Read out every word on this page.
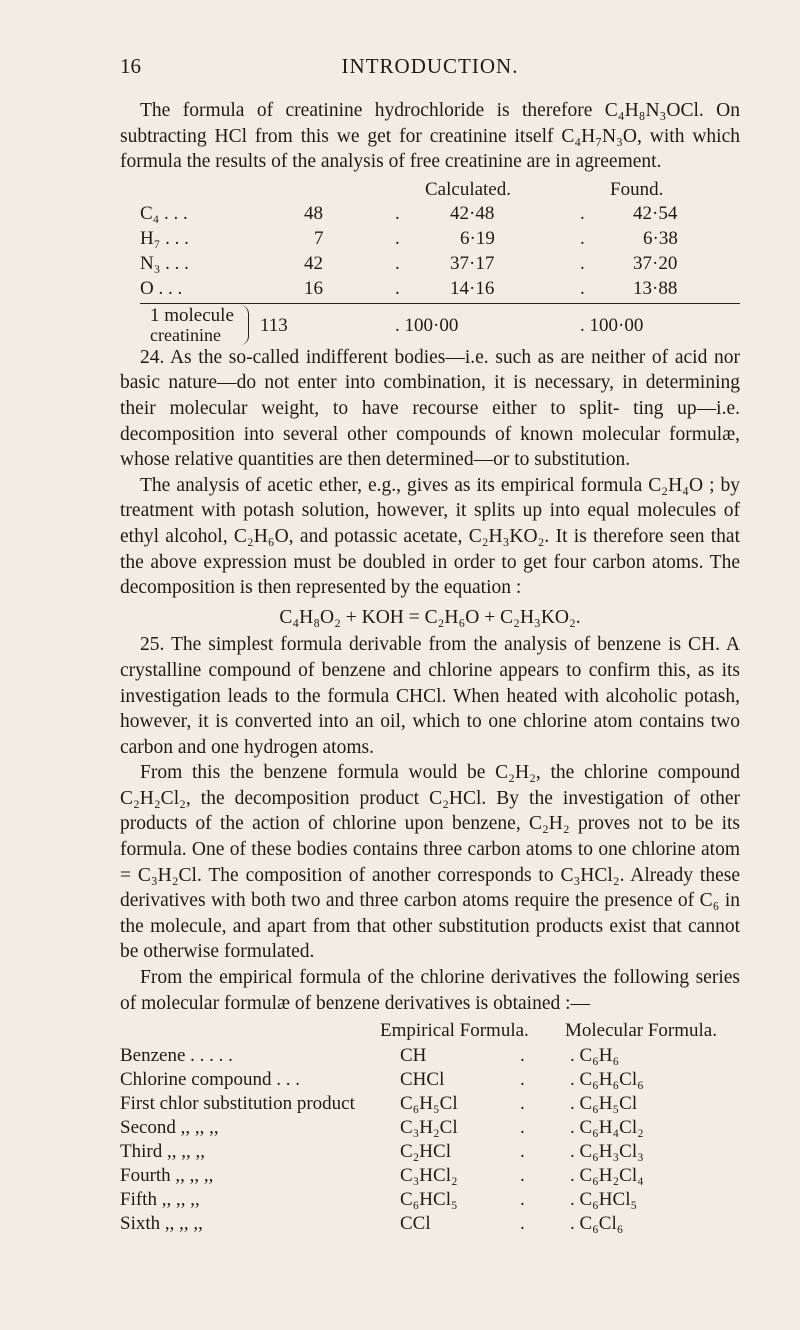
16	INTRODUCTION.

The formula of creatinine hydrochloride is therefore C₄H₈N₃OCl. On subtracting HCl from this we get for creatinine itself C₄H₇N₃O, with which formula the results of the analysis of free creatinine are in agreement.

Calculated.	Found.
C₄ . . .	48	.	42·48	.	42·54
H₇ . . .	7	.	6·19	.	6·38
N₃ . . .	42	.	37·17	.	37·20
O . . .	16	.	14·16	.	13·88
1 molecule
creatinine 113	. 100·00	. 100·00

24. As the so-called indifferent bodies—i.e. such as are neither of acid nor basic nature—do not enter into combination, it is necessary, in determining their molecular weight, to have recourse either to split- ting up—i.e. decomposition into several other compounds of known molecular formulæ, whose relative quantities are then determined—or to substitution.

The analysis of acetic ether, e.g., gives as its empirical formula C₂H₄O ; by treatment with potash solution, however, it splits up into equal molecules of ethyl alcohol, C₂H₆O, and potassic acetate, C₂H₃KO₂. It is therefore seen that the above expression must be doubled in order to get four carbon atoms. The decomposition is then represented by the equation :

C₄H₈O₂ + KOH = C₂H₆O + C₂H₃KO₂.

25. The simplest formula derivable from the analysis of benzene is CH. A crystalline compound of benzene and chlorine appears to confirm this, as its investigation leads to the formula CHCl. When heated with alcoholic potash, however, it is converted into an oil, which to one chlorine atom contains two carbon and one hydrogen atoms.

From this the benzene formula would be C₂H₂, the chlorine compound C₂H₂Cl₂, the decomposition product C₂HCl. By the investigation of other products of the action of chlorine upon benzene, C₂H₂ proves not to be its formula. One of these bodies contains three carbon atoms to one chlorine atom = C₃H₂Cl. The composition of another corresponds to C₃HCl₂. Already these derivatives with both two and three carbon atoms require the presence of C₆ in the molecule, and apart from that other substitution products exist that cannot be otherwise formulated.

From the empirical formula of the chlorine derivatives the following series of molecular formulæ of benzene derivatives is obtained :—

Empirical Formula. Molecular Formula.
Benzene . . . . .	CH	. . C₆H₆
Chlorine compound . . .	CHCl	. . C₆H₆Cl₆
First chlor substitution product C₆H₅Cl	. . C₆H₅Cl
Second ,, ,, ,,	C₃H₂Cl	. . C₆H₄Cl₂
Third ,, ,, ,,	C₂HCl	. . C₆H₃Cl₃
Fourth ,, ,, ,,	C₃HCl₂	. . C₆H₂Cl₄
Fifth ,, ,, ,,	C₆HCl₅	. . C₆HCl₅
Sixth ,, ,, ,,	CCl	. . C₆Cl₆
